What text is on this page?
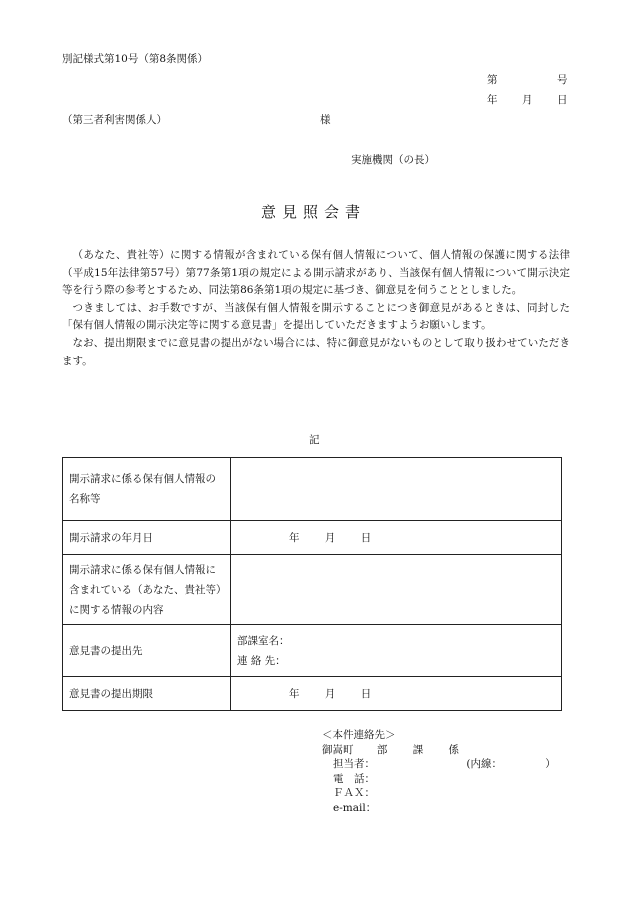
別記様式第10号（第8条関係）
第	号
年 月 日
（第三者利害関係人）	様
実施機関（の長）
意見照会書

（あなた、貴社等）に関する情報が含まれている保有個人情報について、個人情報の保護に関する法律（平成15年法律第57号）第77条第1項の規定による開示請求があり、当該保有個人情報について開示決定等を行う際の参考とするため、同法第86条第1項の規定に基づき、御意見を伺うこととしました。

つきましては、お手数ですが、当該保有個人情報を開示することにつき御意見があるときは、同封した「保有個人情報の開示決定等に関する意見書」を提出していただきますようお願いします。

なお、提出期限までに意見書の提出がない場合には、特に御意見がないものとして取り扱わせていただきます。

記
開示請求に係る保有個人情報の名称等	
開示請求の年月日	年 月 日
開示請求に係る保有個人情報に含まれている（あなた、貴社等）に関する情報の内容	
意見書の提出先	部課室名：
連 絡 先：

意見書の提出期限	年 月 日
＜本件連絡先＞
御嵩町 部 課 係
担当者：	(内線：	）
電　話：
ＦＡＸ：
e-mail：
